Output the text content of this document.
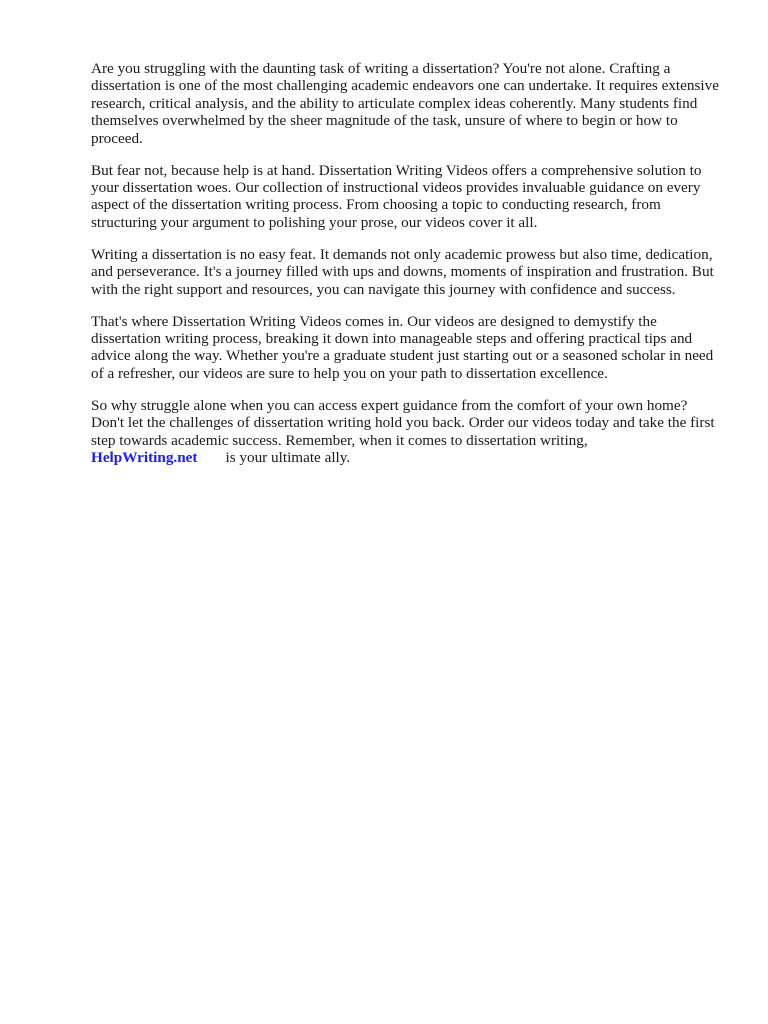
Are you struggling with the daunting task of writing a dissertation? You're not alone. Crafting a dissertation is one of the most challenging academic endeavors one can undertake. It requires extensive research, critical analysis, and the ability to articulate complex ideas coherently. Many students find themselves overwhelmed by the sheer magnitude of the task, unsure of where to begin or how to proceed.

But fear not, because help is at hand. Dissertation Writing Videos offers a comprehensive solution to your dissertation woes. Our collection of instructional videos provides invaluable guidance on every aspect of the dissertation writing process. From choosing a topic to conducting research, from structuring your argument to polishing your prose, our videos cover it all.

Writing a dissertation is no easy feat. It demands not only academic prowess but also time, dedication, and perseverance. It's a journey filled with ups and downs, moments of inspiration and frustration. But with the right support and resources, you can navigate this journey with confidence and success.

That's where Dissertation Writing Videos comes in. Our videos are designed to demystify the dissertation writing process, breaking it down into manageable steps and offering practical tips and advice along the way. Whether you're a graduate student just starting out or a seasoned scholar in need of a refresher, our videos are sure to help you on your path to dissertation excellence.

So why struggle alone when you can access expert guidance from the comfort of your own home? Don't let the challenges of dissertation writing hold you back. Order our videos today and take the first step towards academic success. Remember, when it comes to dissertation writing,
HelpWriting.net is your ultimate ally.
